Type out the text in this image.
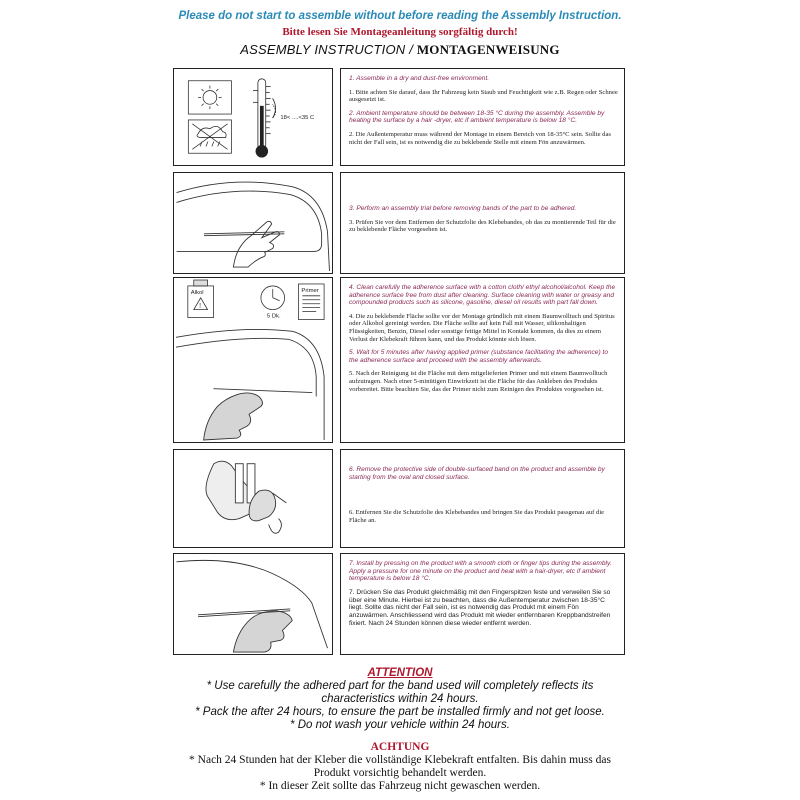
Please do not start to assemble without before reading the Assembly Instruction.
Bitte lesen Sie Montageanleitung sorgfältig durch!
ASSEMBLY INSTRUCTION / MONTAGENWEISUNG
18< ....<35 C

1. Assemble in a dry and dust-free environment.

1. Bitte achten Sie darauf, dass Ihr Fahrzeug kein Staub und Feuchtigkeit wie z.B. Regen oder Schnee ausgesetzt ist.

2. Ambient temperature should be between 18-35 °C during the assembly. Assemble by heating the surface by a hair -dryer, etc if ambient temperature is below 18 °C.

2. Die Außentemperatur muss während der Montage in einem Bereich von 18-35°C sein. Sollte das nicht der Fall sein, ist es notwendig die zu beklebende Stelle mit einem Fön anzuwärmen.

3. Perform an assembly trial before removing bands of the part to be adhered.

3. Prüfen Sie vor dem Entfernen der Schutzfolie des Klebebandes, ob das zu montierende Teil für die zu beklebende Fläche vorgesehen ist.

Alkol
!
5 Dk.
Primer	4. Clean carefully the adherence surface with a cotton cloth/ ethyl alcohol/alcohol. Keep the adherence surface free from dust after cleaning. Surface cleaning with water or greasy and compounded products such as silicone, gasoline, diesel oil results with part fall down.

4. Die zu beklebende Fläche sollte vor der Montage gründlich mit einem Baumwolltuch und Spiritus oder Alkohol gereinigt werden. Die Fläche sollte auf kein Fall mit Wasser, silikonhaltigen Flüssigkeiten, Benzin, Diesel oder sonstige fettige Mittel in Kontakt kommen, da dies zu einem Verlust der Klebekraft führen kann, und das Produkt könnte sich lösen.

5. Wait for 5 minutes after having applied primer (substance facilitating the adherence) to the adherence surface and proceed with the assembly afterwards.

5. Nach der Reinigung ist die Fläche mit dem mitgelieferten Primer und mit einem Baumwolltuch aufzutragen. Nach einer 5-minütigen Einwirkzeit ist die Fläche für das Ankleben des Produkts vorbereitet. Bitte beachten Sie, das der Primer nicht zum Reinigen des Produktes vorgesehen ist.

6. Remove the protective side of double-surfaced band on the product and assemble by starting from the oval and closed surface.

6. Entfernen Sie die Schutzfolie des Klebebandes und bringen Sie das Produkt passgenau auf die Fläche an.

7. Install by pressing on the product with a smooth cloth or finger tips during the assembly. Apply a pressure for one minute on the product and heat with a hair-dryer, etc if ambient temperature is below 18 °C.

7. Drücken Sie das Produkt gleichmäßig mit den Fingerspitzen feste und verweilen Sie so über eine Minute. Hierbei ist zu beachten, dass die Außentemperatur zwischen 18-35°C liegt. Sollte das nicht der Fall sein, ist es notwendig das Produkt mit einem Fön anzuwärmen. Anschliessend wird das Produkt mit wieder entfernbaren Kreppbandstreifen fixiert. Nach 24 Stunden können diese wieder entfernt werden.

ATTENTION
* Use carefully the adhered part for the band used will completely reflects its
characteristics within 24 hours.
* Pack the after 24 hours, to ensure the part be installed firmly and not get loose.
* Do not wash your vehicle within 24 hours.
ACHTUNG
* Nach 24 Stunden hat der Kleber die vollständige Klebekraft entfalten. Bis dahin muss das
Produkt vorsichtig behandelt werden.
* In dieser Zeit sollte das Fahrzeug nicht gewaschen werden.
